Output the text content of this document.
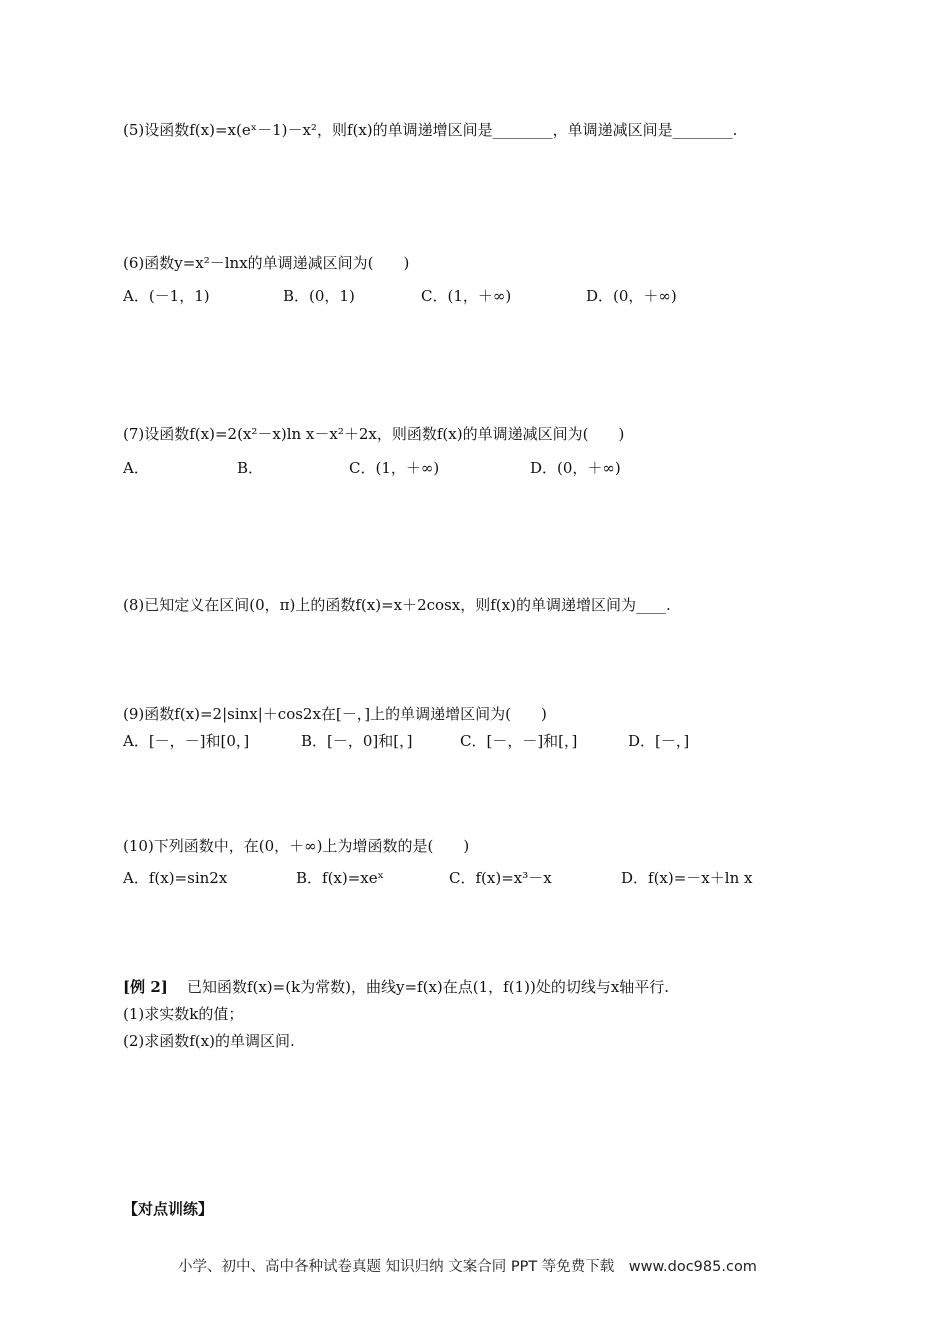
(5)设函数f(x)=x(eˣ－1)－x²，则f(x)的单调递增区间是________，单调递减区间是________.
(6)函数y=x²－lnx的单调递减区间为(　　)
A．(－1，1)	B．(0，1)	C．(1，＋∞)	D．(0，＋∞)
(7)设函数f(x)=2(x²－x)ln x－x²＋2x，则函数f(x)的单调递减区间为(　　)
A．	B．	C．(1，＋∞)	D．(0，＋∞)
(8)已知定义在区间(0，π)上的函数f(x)=x＋2cosx，则f(x)的单调递增区间为____.
(9)函数f(x)=2|sinx|＋cos2x在[－，]上的单调递增区间为(　　)
A．[－，－]和[0，]	B．[－，0]和[，]	C．[－，－]和[，]	D．[－，]
(10)下列函数中，在(0，＋∞)上为增函数的是(　　)
A．f(x)=sin2x	B．f(x)=xeˣ	C．f(x)=x³－x	D．f(x)=－x＋ln x
[例 2] 已知函数f(x)=(k为常数)，曲线y=f(x)在点(1，f(1))处的切线与x轴平行.
(1)求实数k的值；
(2)求函数f(x)的单调区间.
【对点训练】
小学、初中、高中各种试卷真题 知识归纳 文案合同 PPT 等免费下载　www.doc985.com
